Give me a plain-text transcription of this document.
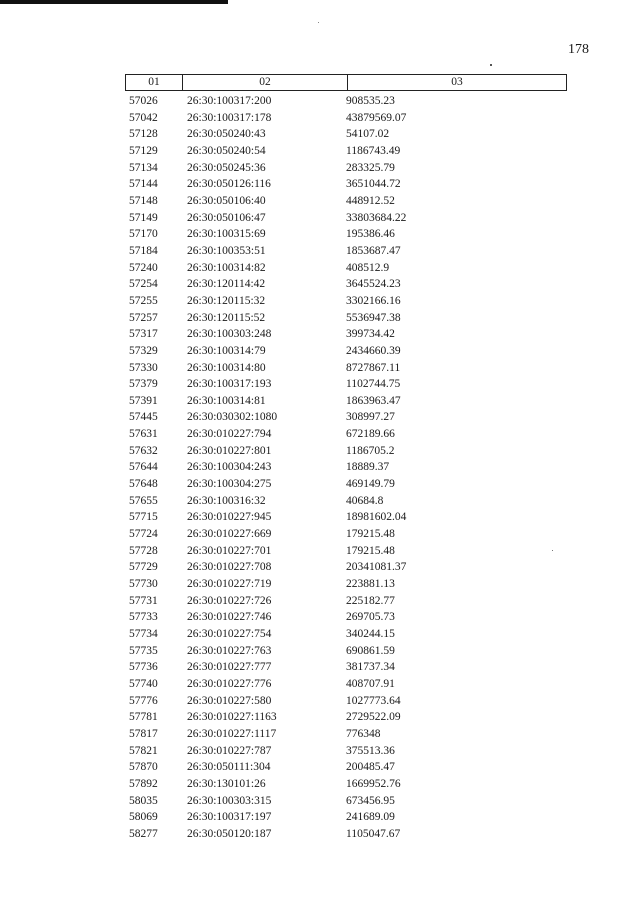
178
01	02	03
57026	26:30:100317:200	908535.23
57042	26:30:100317:178	43879569.07
57128	26:30:050240:43	54107.02
57129	26:30:050240:54	1186743.49
57134	26:30:050245:36	283325.79
57144	26:30:050126:116	3651044.72
57148	26:30:050106:40	448912.52
57149	26:30:050106:47	33803684.22
57170	26:30:100315:69	195386.46
57184	26:30:100353:51	1853687.47
57240	26:30:100314:82	408512.9
57254	26:30:120114:42	3645524.23
57255	26:30:120115:32	3302166.16
57257	26:30:120115:52	5536947.38
57317	26:30:100303:248	399734.42
57329	26:30:100314:79	2434660.39
57330	26:30:100314:80	8727867.11
57379	26:30:100317:193	1102744.75
57391	26:30:100314:81	1863963.47
57445	26:30:030302:1080	308997.27
57631	26:30:010227:794	672189.66
57632	26:30:010227:801	1186705.2
57644	26:30:100304:243	18889.37
57648	26:30:100304:275	469149.79
57655	26:30:100316:32	40684.8
57715	26:30:010227:945	18981602.04
57724	26:30:010227:669	179215.48
57728	26:30:010227:701	179215.48
57729	26:30:010227:708	20341081.37
57730	26:30:010227:719	223881.13
57731	26:30:010227:726	225182.77
57733	26:30:010227:746	269705.73
57734	26:30:010227:754	340244.15
57735	26:30:010227:763	690861.59
57736	26:30:010227:777	381737.34
57740	26:30:010227:776	408707.91
57776	26:30:010227:580	1027773.64
57781	26:30:010227:1163	2729522.09
57817	26:30:010227:1117	776348
57821	26:30:010227:787	375513.36
57870	26:30:050111:304	200485.47
57892	26:30:130101:26	1669952.76
58035	26:30:100303:315	673456.95
58069	26:30:100317:197	241689.09
58277	26:30:050120:187	1105047.67
